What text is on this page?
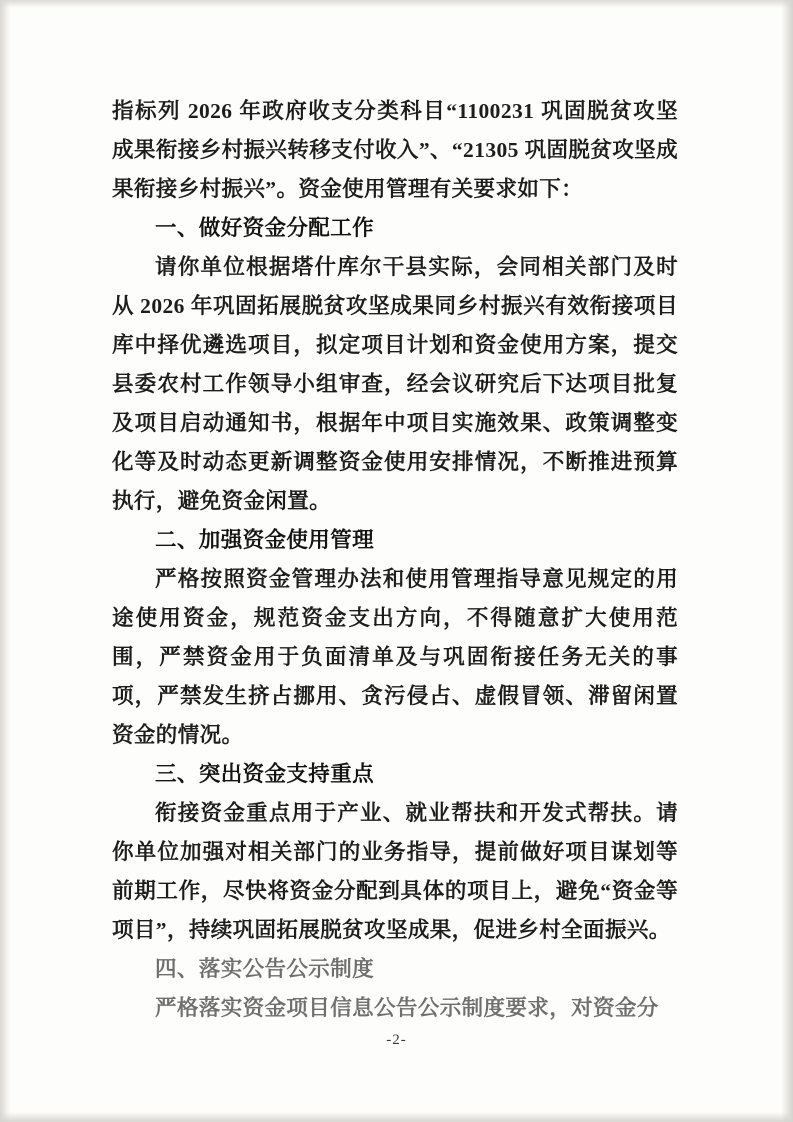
指标列 2026 年政府收支分类科目“1100231 巩固脱贫攻坚成果衔接乡村振兴转移支付收入”、“21305 巩固脱贫攻坚成果衔接乡村振兴”。资金使用管理有关要求如下：

一、做好资金分配工作

请你单位根据塔什库尔干县实际，会同相关部门及时从 2026 年巩固拓展脱贫攻坚成果同乡村振兴有效衔接项目库中择优遴选项目，拟定项目计划和资金使用方案，提交县委农村工作领导小组审查，经会议研究后下达项目批复及项目启动通知书，根据年中项目实施效果、政策调整变化等及时动态更新调整资金使用安排情况，不断推进预算执行，避免资金闲置。

二、加强资金使用管理

严格按照资金管理办法和使用管理指导意见规定的用途使用资金，规范资金支出方向，不得随意扩大使用范围，严禁资金用于负面清单及与巩固衔接任务无关的事项，严禁发生挤占挪用、贪污侵占、虚假冒领、滞留闲置资金的情况。

三、突出资金支持重点

衔接资金重点用于产业、就业帮扶和开发式帮扶。请你单位加强对相关部门的业务指导，提前做好项目谋划等前期工作，尽快将资金分配到具体的项目上，避免“资金等项目”，持续巩固拓展脱贫攻坚成果，促进乡村全面振兴。

四、落实公告公示制度

严格落实资金项目信息公告公示制度要求，对资金分

-2-
